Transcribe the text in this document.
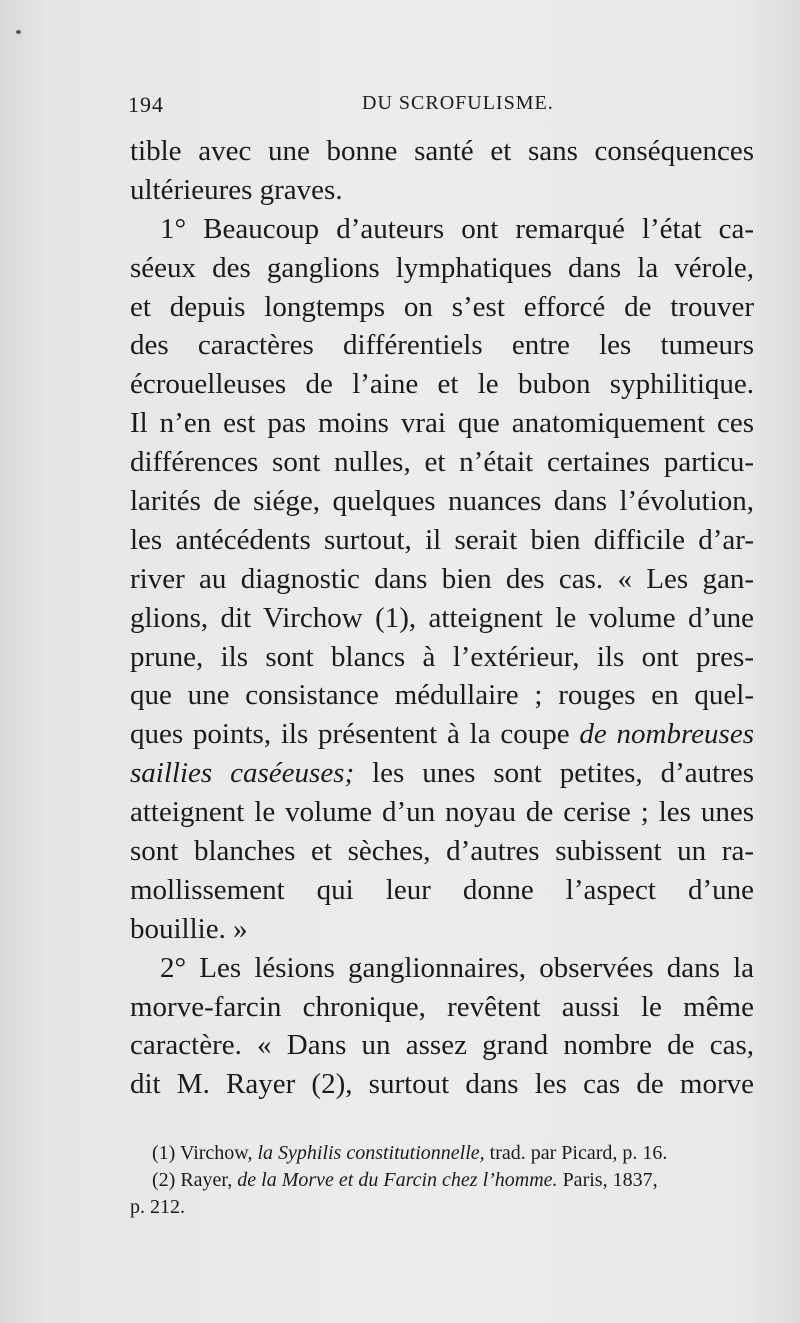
194	DU SCROFULISME.
tible avec une bonne santé et sans conséquences
ultérieures graves.
1° Beaucoup d’auteurs ont remarqué l’état ca-
séeux des ganglions lymphatiques dans la vérole,
et depuis longtemps on s’est efforcé de trouver
des caractères différentiels entre les tumeurs
écrouelleuses de l’aine et le bubon syphilitique.
Il n’en est pas moins vrai que anatomiquement ces
différences sont nulles, et n’était certaines particu-
larités de siége, quelques nuances dans l’évolution,
les antécédents surtout, il serait bien difficile d’ar-
river au diagnostic dans bien des cas. « Les gan-
glions, dit Virchow (1), atteignent le volume d’une
prune, ils sont blancs à l’extérieur, ils ont pres-
que une consistance médullaire ; rouges en quel-
ques points, ils présentent à la coupe de nombreuses
saillies caséeuses; les unes sont petites, d’autres
atteignent le volume d’un noyau de cerise ; les unes
sont blanches et sèches, d’autres subissent un ra-
mollissement qui leur donne l’aspect d’une
bouillie. »
2° Les lésions ganglionnaires, observées dans la
morve-farcin chronique, revêtent aussi le même
caractère. « Dans un assez grand nombre de cas,
dit M. Rayer (2), surtout dans les cas de morve
(1) Virchow, la Syphilis constitutionnelle, trad. par Picard, p. 16.
(2) Rayer, de la Morve et du Farcin chez l’homme. Paris, 1837,
p. 212.
